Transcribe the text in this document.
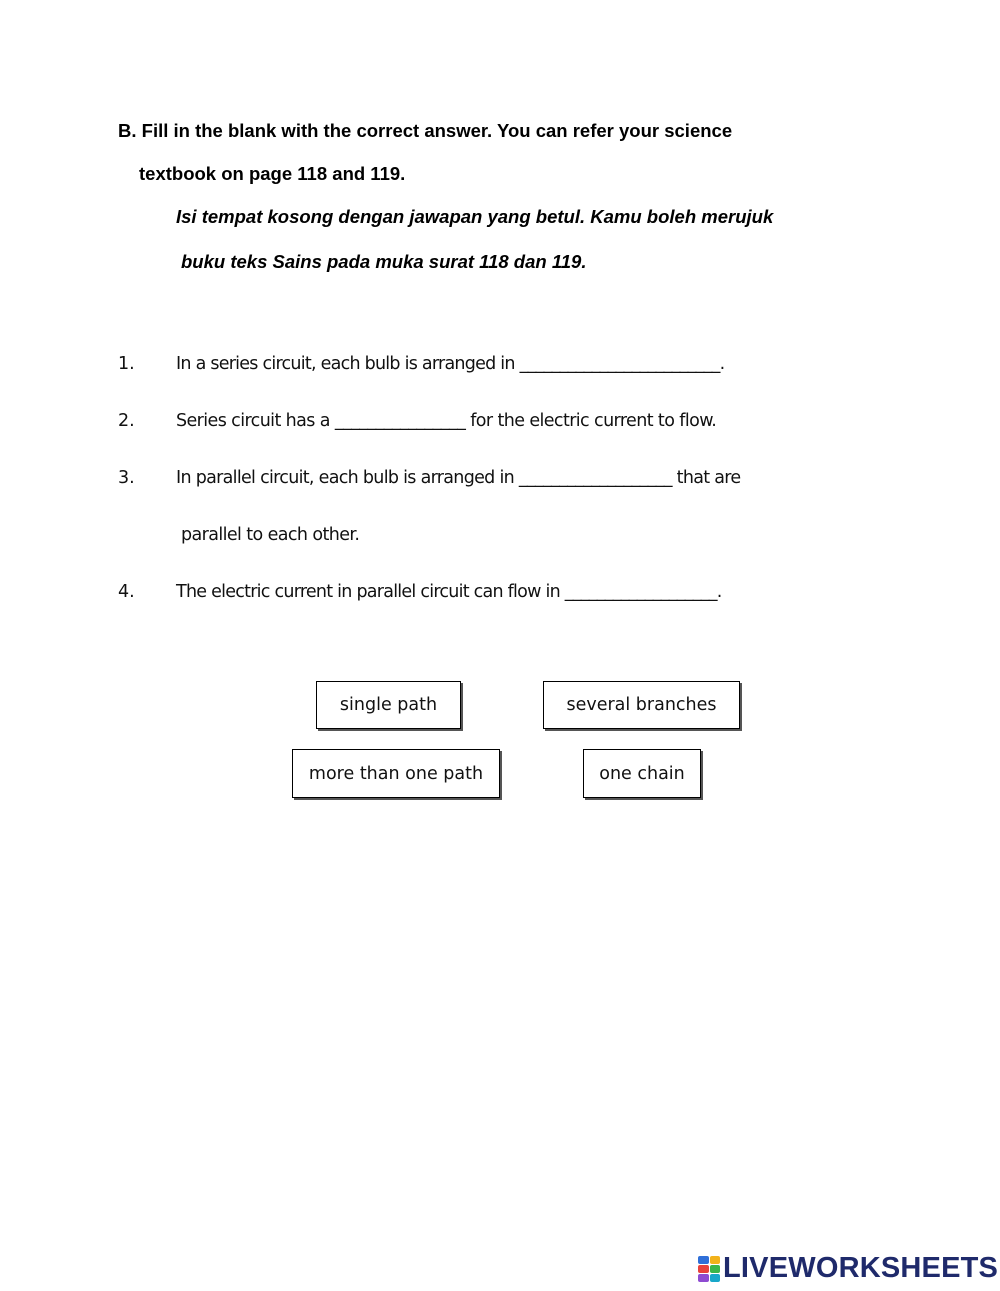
B. Fill in the blank with the correct answer. You can refer your science
textbook on page 118 and 119.
Isi tempat kosong dengan jawapan yang betul. Kamu boleh merujuk
buku teks Sains pada muka surat 118 dan 119.
1. In a series circuit, each bulb is arranged in _________________________.
2. Series circuit has a ________________ for the electric current to flow.
3. In parallel circuit, each bulb is arranged in ___________________ that are
parallel to each other.
4. The electric current in parallel circuit can flow in ___________________.
single path	several branches
more than one path	one chain
LIVEWORKSHEETS
